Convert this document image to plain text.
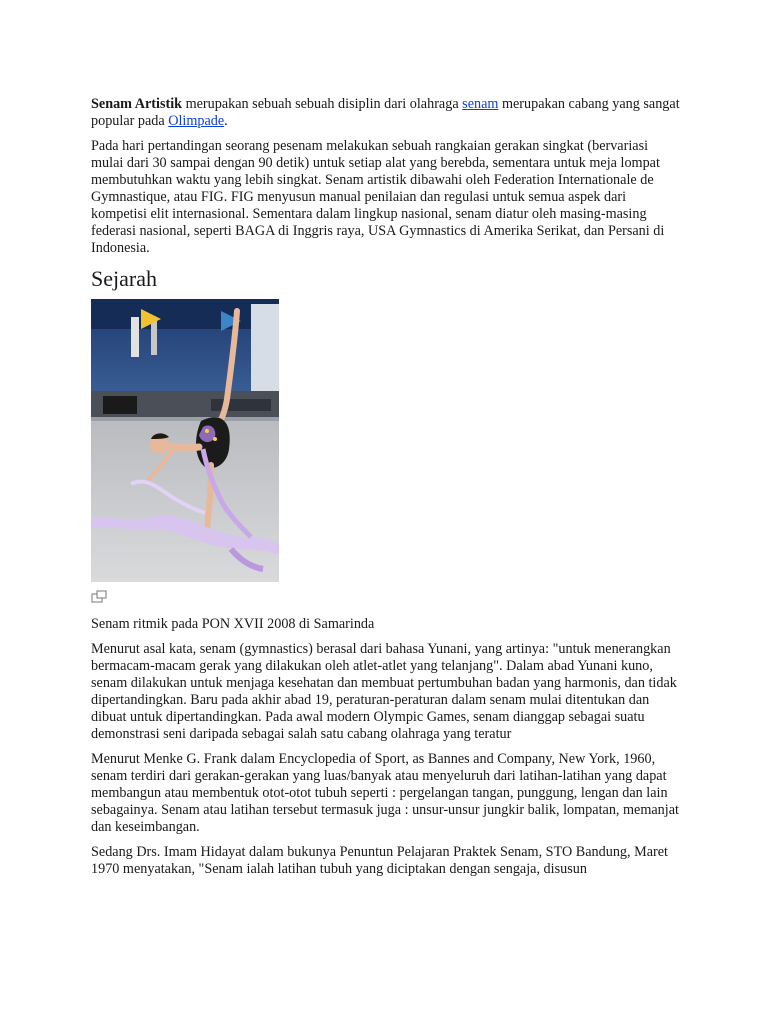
Senam Artistik merupakan sebuah sebuah disiplin dari olahraga senam merupakan cabang yang sangat popular pada Olimpade.

Pada hari pertandingan seorang pesenam melakukan sebuah rangkaian gerakan singkat (bervariasi mulai dari 30 sampai dengan 90 detik) untuk setiap alat yang berebda, sementara untuk meja lompat membutuhkan waktu yang lebih singkat. Senam artistik dibawahi oleh Federation Internationale de Gymnastique, atau FIG. FIG menyusun manual penilaian dan regulasi untuk semua aspek dari kompetisi elit internasional. Sementara dalam lingkup nasional, senam diatur oleh masing-masing federasi nasional, seperti BAGA di Inggris raya, USA Gymnastics di Amerika Serikat, dan Persani di Indonesia.

Sejarah

Senam ritmik pada PON XVII 2008 di Samarinda

Menurut asal kata, senam (gymnastics) berasal dari bahasa Yunani, yang artinya: "untuk menerangkan bermacam-macam gerak yang dilakukan oleh atlet-atlet yang telanjang". Dalam abad Yunani kuno, senam dilakukan untuk menjaga kesehatan dan membuat pertumbuhan badan yang harmonis, dan tidak dipertandingkan. Baru pada akhir abad 19, peraturan-peraturan dalam senam mulai ditentukan dan dibuat untuk dipertandingkan. Pada awal modern Olympic Games, senam dianggap sebagai suatu demonstrasi seni daripada sebagai salah satu cabang olahraga yang teratur

Menurut Menke G. Frank dalam Encyclopedia of Sport, as Bannes and Company, New York, 1960, senam terdiri dari gerakan-gerakan yang luas/banyak atau menyeluruh dari latihan-latihan yang dapat membangun atau membentuk otot-otot tubuh seperti : pergelangan tangan, punggung, lengan dan lain sebagainya. Senam atau latihan tersebut termasuk juga : unsur-unsur jungkir balik, lompatan, memanjat dan keseimbangan.

Sedang Drs. Imam Hidayat dalam bukunya Penuntun Pelajaran Praktek Senam, STO Bandung, Maret 1970 menyatakan, "Senam ialah latihan tubuh yang diciptakan dengan sengaja, disusun
